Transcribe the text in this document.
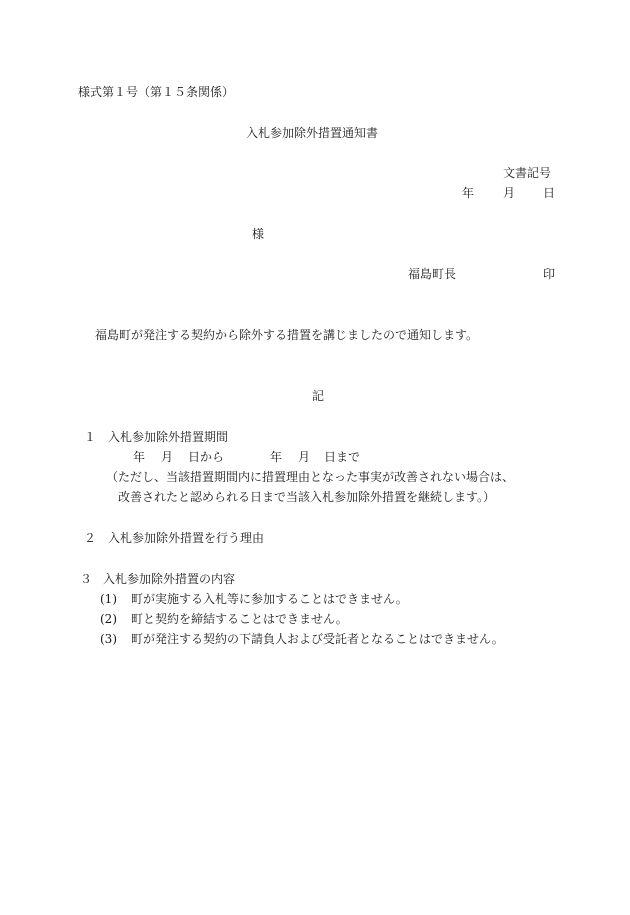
様式第１号（第１５条関係）
入札参加除外措置通知書
文書記号
年 月 日
様
福島町長	印
福島町が発注する契約から除外する措置を講じましたので通知します。
記
１ 入札参加除外措置期間
年 月 日から	年 月 日まで
（ただし、当該措置期間内に措置理由となった事実が改善されない場合は、
改善されたと認められる日まで当該入札参加除外措置を継続します。）
２ 入札参加除外措置を行う理由
３ 入札参加除外措置の内容
(1) 町が実施する入札等に参加することはできません。
(2) 町と契約を締結することはできません。
(3) 町が発注する契約の下請負人および受託者となることはできません。
